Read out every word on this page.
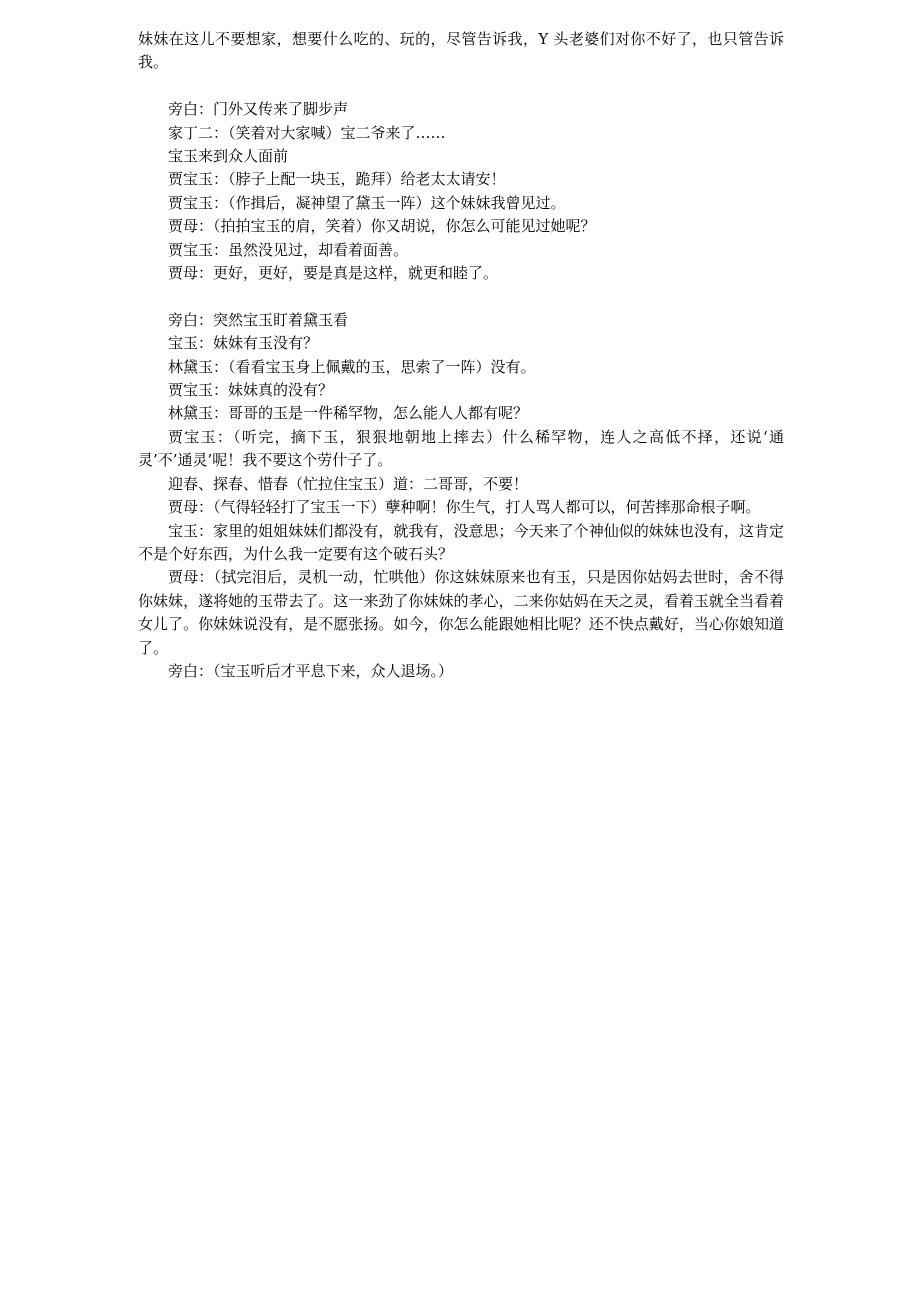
妹妹在这儿不要想家，想要什么吃的、玩的，尽管告诉我，Y 头老婆们对你不好了，也只管告诉我。

旁白：门外又传来了脚步声

家丁二：（笑着对大家喊）宝二爷来了……

宝玉来到众人面前

贾宝玉：（脖子上配一块玉，跪拜）给老太太请安！

贾宝玉：（作揖后，凝神望了黛玉一阵）这个妹妹我曾见过。

贾母：（拍拍宝玉的肩，笑着）你又胡说，你怎么可能见过她呢？

贾宝玉：虽然没见过，却看着面善。

贾母：更好，更好，要是真是这样，就更和睦了。

旁白：突然宝玉盯着黛玉看

宝玉：妹妹有玉没有？

林黛玉：（看看宝玉身上佩戴的玉，思索了一阵）没有。

贾宝玉：妹妹真的没有？

林黛玉：哥哥的玉是一件稀罕物，怎么能人人都有呢？

贾宝玉：（听完，摘下玉，狠狠地朝地上摔去）什么稀罕物，连人之高低不择，还说‘通灵’不’通灵’呢！我不要这个劳什子了。

迎春、探春、惜春（忙拉住宝玉）道：二哥哥，不要！

贾母：（气得轻轻打了宝玉一下）孽种啊！你生气，打人骂人都可以，何苦摔那命根子啊。

宝玉：家里的姐姐妹妹们都没有，就我有，没意思；今天来了个神仙似的妹妹也没有，这肯定不是个好东西，为什么我一定要有这个破石头？

贾母：（拭完泪后，灵机一动，忙哄他）你这妹妹原来也有玉，只是因你姑妈去世时，舍不得你妹妹，遂将她的玉带去了。这一来劲了你妹妹的孝心，二来你姑妈在天之灵，看着玉就全当看着女儿了。你妹妹说没有，是不愿张扬。如今，你怎么能跟她相比呢？还不快点戴好，当心你娘知道了。

旁白：（宝玉听后才平息下来，众人退场。）
